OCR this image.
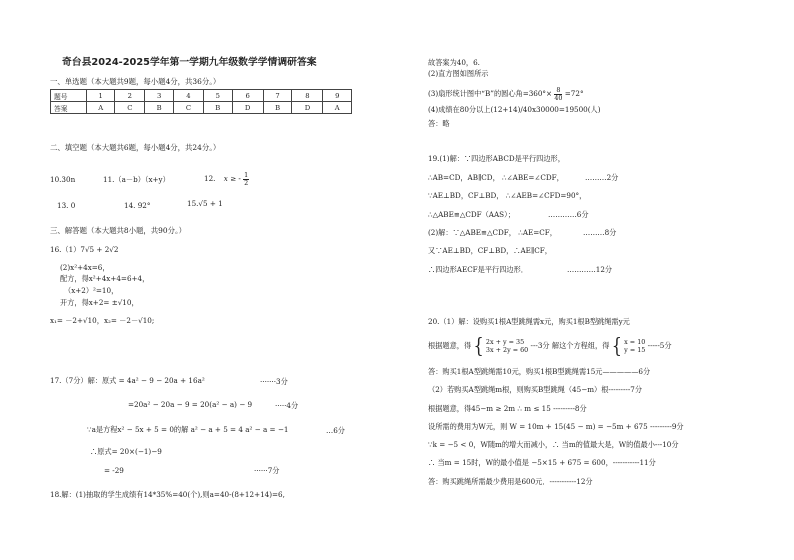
奇台县2024-2025学年第一学期九年级数学学情调研答案
一、单选题（本大题共9题，每小题4分，共36分。）
题号	1	2	3	4	5	6	7	8	9
答案	A	C	B	C	B	D	B	D	A
二、填空题（本大题共6题，每小题4分，共24分。）
10.30n	11.（a－b）（x+y）	12. x ≥ - $\frac{1}{2}$
13. 0	14. 92°	15.√5 + 1
三、解答题（本大题共8小题，共90分。）
16.（1）7√5 + 2√2
(2)x²+4x=6，
配方，得x²+4x+4=6+4，
（x+2）²=10，
开方，得x+2= ±√10，
x₁= －2+√10，x₂= －2－√10;
17.（7分）解：原式 = 4a² − 9 − 20a + 16a²	·······3分
=20a² − 20a − 9 = 20(a² − a) − 9	·····4分
∵a是方程x² − 5x + 5 = 0的解 a² − a + 5 = 4 a² − a = −1	…6分
∴原式= 20×(−1)−9
= -29	······7分
18.解：(1)抽取的学生成绩有14*35%=40(个),则a=40-(8+12+14)=6,
故答案为40，6.
(2)直方图如图所示
(3)扇形统计图中“B”的圆心角$=360^\circ\times \frac{8}{40} =72^\circ$
(4)成绩在80分以上(12+14)/40x30000=19500(人)
答：略
19.(1)解：∵四边形ABCD是平行四边形，
∴AB=CD，AB∥CD， ∴∠ABE=∠CDF，	………2分
∵AE⊥BD，CF⊥BD， ∴∠AEB=∠CFD=90°，
∴△ABE≌△CDF（AAS）；	…………6分
(2)解：∵△ABE≌△CDF， ∴AE=CF，	………8分
又∵AE⊥BD，CF⊥BD，∴AE∥CF，
∴四边形AECF是平行四边形．	…………12分
20.（1）解：设购买1根A型跳绳需x元，购买1根B型跳绳需y元
根据题意，得 { 2x + y = 35
3x + 2y = 60 ---3分 解这个方程组，得 { x = 10
y = 15 -----5分
答：购买1根A型跳绳需10元，购买1根B型跳绳需15元—————6分
（2）若购买A型跳绳m根，则购买B型跳绳（45−m）根---------7分
根据题意，得45−m ≥ 2m ∴ m ≤ 15 ---------8分
设所需的费用为W元，则 W = 10m + 15(45 − m) = −5m + 675 ---------9分
∵k = −5 < 0，W随m的增大而减小，∴ 当m的值最大是，W的值最小---10分
∴ 当m = 15时，W的最小值是 −5×15 + 675 = 600，-----------11分
答：购买跳绳所需最少费用是600元．-----------12分
